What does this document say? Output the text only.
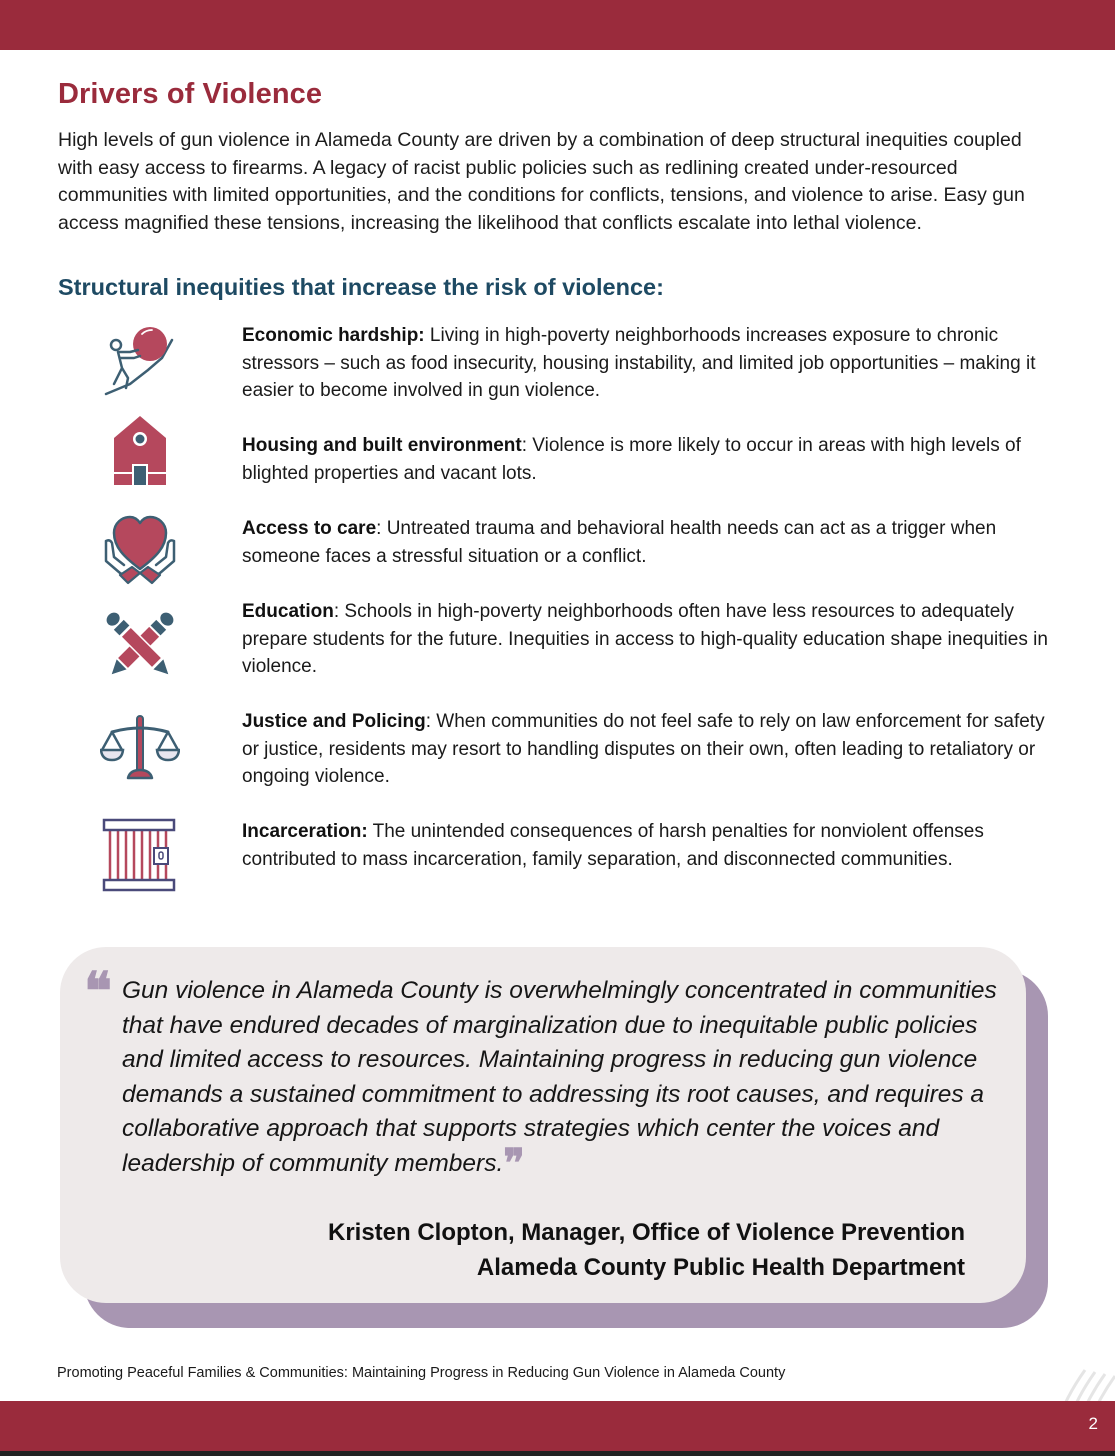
Drivers of Violence

High levels of gun violence in Alameda County are driven by a combination of deep structural inequities coupled with easy access to firearms. A legacy of racist public policies such as redlining created under-resourced communities with limited opportunities, and the conditions for conflicts, tensions, and violence to arise. Easy gun access magnified these tensions, increasing the likelihood that conflicts escalate into lethal violence.

Structural inequities that increase the risk of violence:
Economic hardship: Living in high-poverty neighborhoods increases exposure to chronic stressors – such as food insecurity, housing instability, and limited job opportunities – making it easier to become involved in gun violence.
Housing and built environment: Violence is more likely to occur in areas with high levels of blighted properties and vacant lots.
Access to care: Untreated trauma and behavioral health needs can act as a trigger when someone faces a stressful situation or a conflict.
Education: Schools in high-poverty neighborhoods often have less resources to adequately prepare students for the future. Inequities in access to high-quality education shape inequities in violence.
Justice and Policing: When communities do not feel safe to rely on law enforcement for safety or justice, residents may resort to handling disputes on their own, often leading to retaliatory or ongoing violence.
Incarceration: The unintended consequences of harsh penalties for nonviolent offenses contributed to mass incarceration, family separation, and disconnected communities.
❝ Gun violence in Alameda County is overwhelmingly concentrated in communities that have endured decades of marginalization due to inequitable public policies and limited access to resources. Maintaining progress in reducing gun violence demands a sustained commitment to addressing its root causes, and requires a collaborative approach that supports strategies which center the voices and leadership of community members.❞

Kristen Clopton, Manager, Office of Violence Prevention
Alameda County Public Health Department
Promoting Peaceful Families & Communities: Maintaining Progress in Reducing Gun Violence in Alameda County
2
